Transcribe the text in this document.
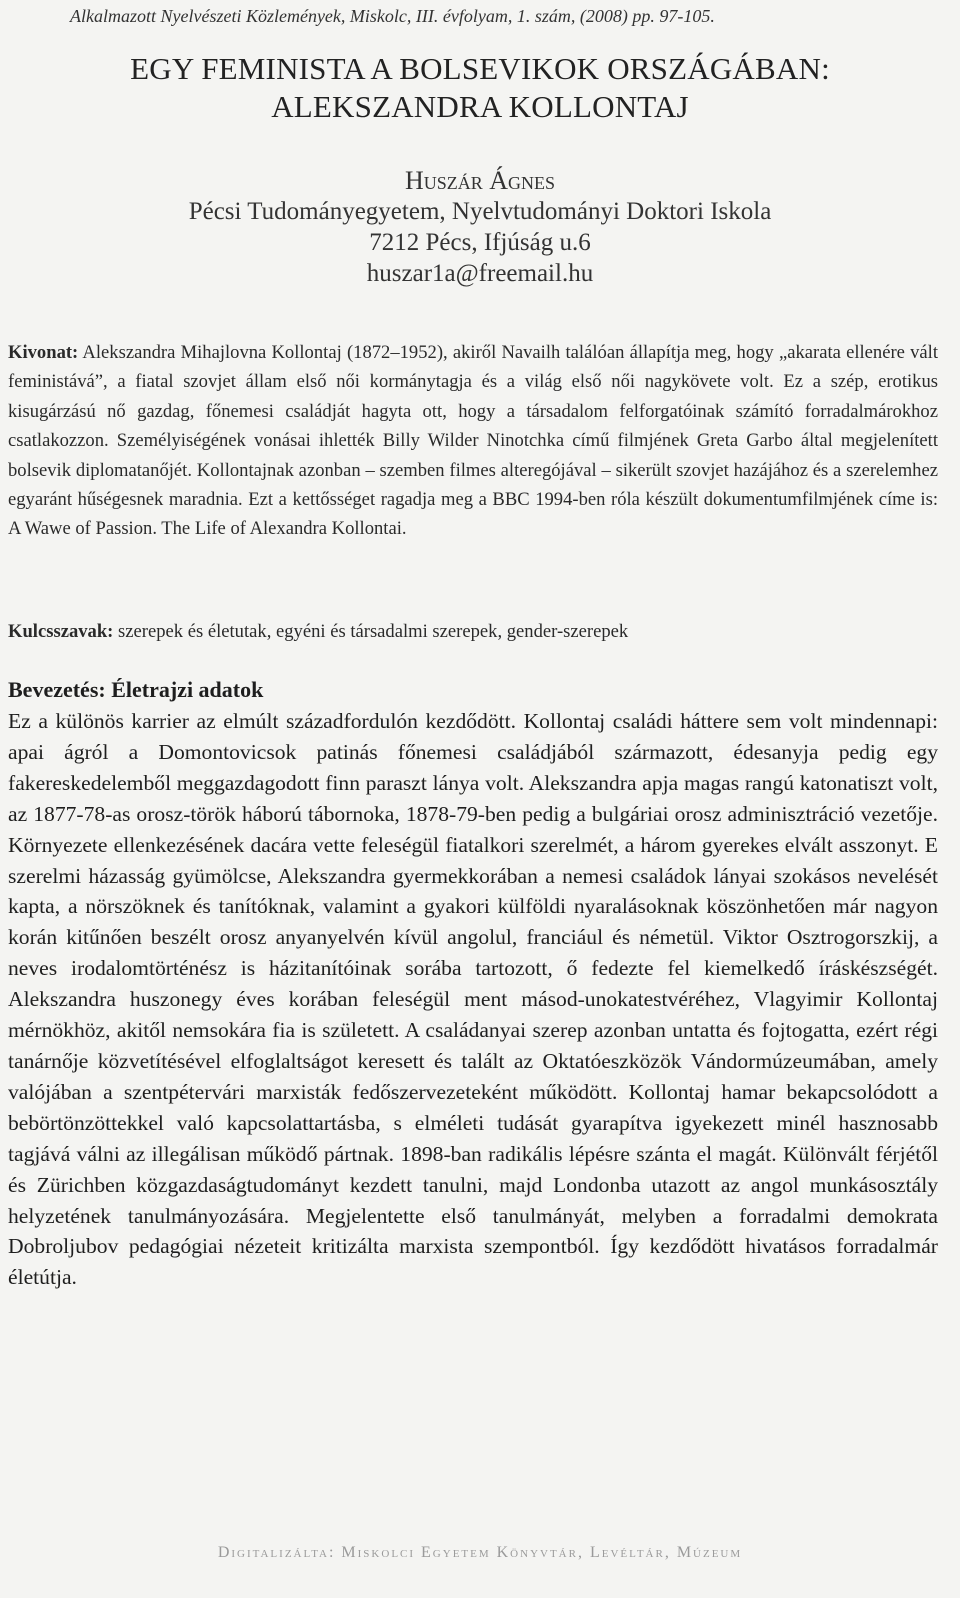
Alkalmazott Nyelvészeti Közlemények, Miskolc, III. évfolyam, 1. szám, (2008) pp. 97-105.
EGY FEMINISTA A BOLSEVIKOK ORSZÁGÁBAN:
ALEKSZANDRA KOLLONTAJ
Huszár Ágnes
Pécsi Tudományegyetem, Nyelvtudományi Doktori Iskola
7212 Pécs, Ifjúság u.6
huszar1a@freemail.hu
Kivonat: Alekszandra Mihajlovna Kollontaj (1872–1952), akiről Navailh találóan állapítja meg, hogy „akarata ellenére vált feministává”, a fiatal szovjet állam első női kormánytagja és a világ első női nagykövete volt. Ez a szép, erotikus kisugárzású nő gazdag, főnemesi családját hagyta ott, hogy a társadalom felforgatóinak számító forradalmárokhoz csatlakozzon. Személyiségének vonásai ihlették Billy Wilder Ninotchka című filmjének Greta Garbo által megjelenített bolsevik diplomatanőjét. Kollontajnak azonban – szemben filmes alteregójával – sikerült szovjet hazájához és a szerelemhez egyaránt hűségesnek maradnia. Ezt a kettősséget ragadja meg a BBC 1994-ben róla készült dokumentumfilmjének címe is: A Wawe of Passion. The Life of Alexandra Kollontai.
Kulcsszavak: szerepek és életutak, egyéni és társadalmi szerepek, gender-szerepek
Bevezetés: Életrajzi adatok
Ez a különös karrier az elmúlt századfordulón kezdődött. Kollontaj családi háttere sem volt mindennapi: apai ágról a Domontovicsok patinás főnemesi családjából származott, édesanyja pedig egy fakereskedelemből meggazdagodott finn paraszt lánya volt. Alekszandra apja magas rangú katonatiszt volt, az 1877-78-as orosz-török háború tábornoka, 1878-79-ben pedig a bulgáriai orosz adminisztráció vezetője. Környezete ellenkezésének dacára vette feleségül fiatalkori szerelmét, a három gyerekes elvált asszonyt. E szerelmi házasság gyümölcse, Alekszandra gyermekkorában a nemesi családok lányai szokásos nevelését kapta, a nörszöknek és tanítóknak, valamint a gyakori külföldi nyaralásoknak köszönhetően már nagyon korán kitűnően beszélt orosz anyanyelvén kívül angolul, franciául és németül. Viktor Osztrogorszkij, a neves irodalomtörténész is házitanítóinak sorába tartozott, ő fedezte fel kiemelkedő íráskészségét. Alekszandra huszonegy éves korában feleségül ment másod-unokatestvéréhez, Vlagyimir Kollontaj mérnökhöz, akitől nemsokára fia is született. A családanyai szerep azonban untatta és fojtogatta, ezért régi tanárnője közvetítésével elfoglaltságot keresett és talált az Oktatóeszközök Vándormúzeumában, amely valójában a szentpétervári marxisták fedőszervezeteként működött. Kollontaj hamar bekapcsolódott a bebörtönzöttekkel való kapcsolattartásba, s elméleti tudását gyarapítva igyekezett minél hasznosabb tagjává válni az illegálisan működő pártnak. 1898-ban radikális lépésre szánta el magát. Különvált férjétől és Zürichben közgazdaságtudományt kezdett tanulni, majd Londonba utazott az angol munkásosztály helyzetének tanulmányozására. Megjelentette első tanulmányát, melyben a forradalmi demokrata Dobroljubov pedagógiai nézeteit kritizálta marxista szempontból. Így kezdődött hivatásos forradalmár életútja.
Digitalizálta: Miskolci Egyetem Könyvtár, Levéltár, Múzeum
